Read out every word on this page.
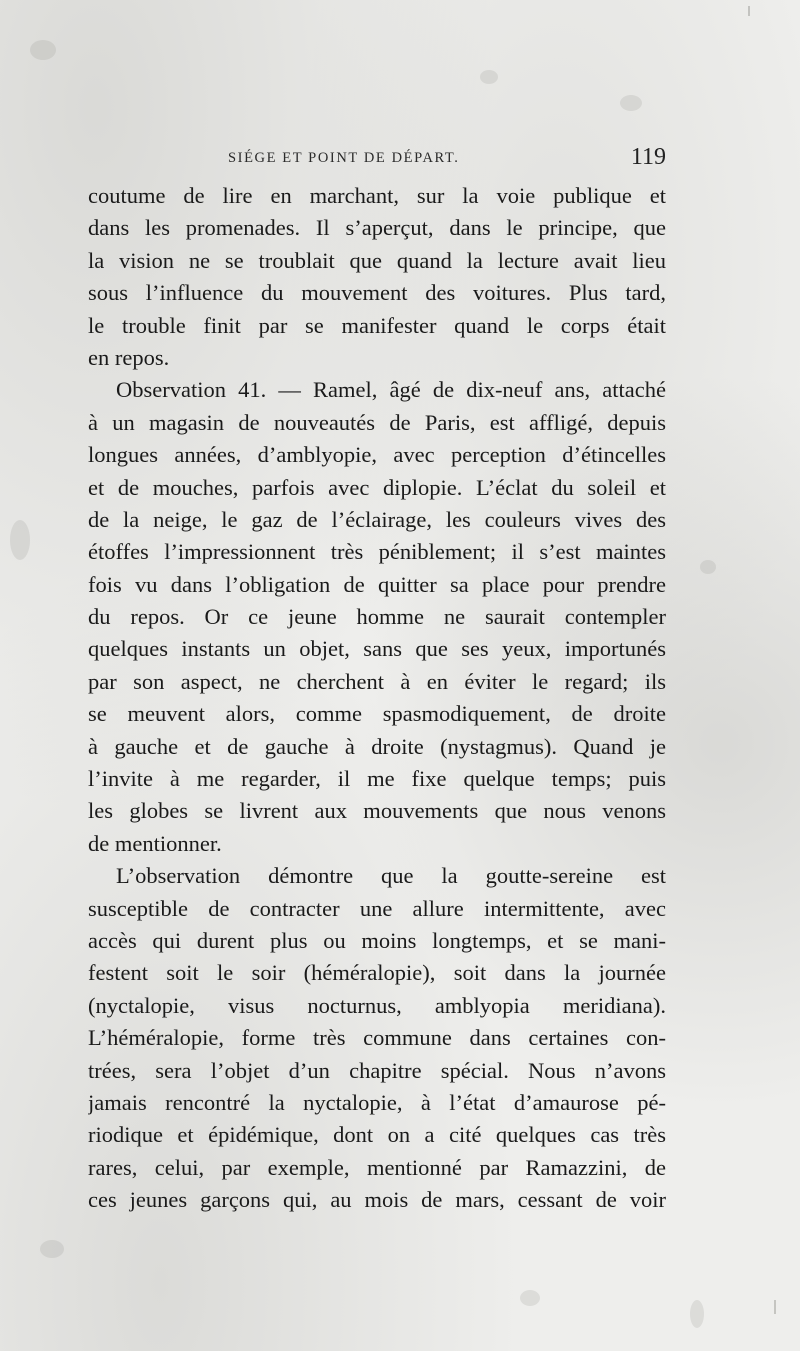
SIÉGE ET POINT DE DÉPART.	119
coutume de lire en marchant, sur la voie publique et
dans les promenades. Il s’aperçut, dans le principe, que
la vision ne se troublait que quand la lecture avait lieu
sous l’influence du mouvement des voitures. Plus tard,
le trouble finit par se manifester quand le corps était
en repos.
Observation 41. — Ramel, âgé de dix-neuf ans, attaché
à un magasin de nouveautés de Paris, est affligé, depuis
longues années, d’amblyopie, avec perception d’étincelles
et de mouches, parfois avec diplopie. L’éclat du soleil et
de la neige, le gaz de l’éclairage, les couleurs vives des
étoffes l’impressionnent très péniblement; il s’est maintes
fois vu dans l’obligation de quitter sa place pour prendre
du repos. Or ce jeune homme ne saurait contempler
quelques instants un objet, sans que ses yeux, importunés
par son aspect, ne cherchent à en éviter le regard; ils
se meuvent alors, comme spasmodiquement, de droite
à gauche et de gauche à droite (nystagmus). Quand je
l’invite à me regarder, il me fixe quelque temps; puis
les globes se livrent aux mouvements que nous venons
de mentionner.
L’observation démontre que la goutte-sereine est
susceptible de contracter une allure intermittente, avec
accès qui durent plus ou moins longtemps, et se mani-
festent soit le soir (héméralopie), soit dans la journée
(nyctalopie, visus nocturnus, amblyopia meridiana).
L’héméralopie, forme très commune dans certaines con-
trées, sera l’objet d’un chapitre spécial. Nous n’avons
jamais rencontré la nyctalopie, à l’état d’amaurose pé-
riodique et épidémique, dont on a cité quelques cas très
rares, celui, par exemple, mentionné par Ramazzini, de
ces jeunes garçons qui, au mois de mars, cessant de voir
